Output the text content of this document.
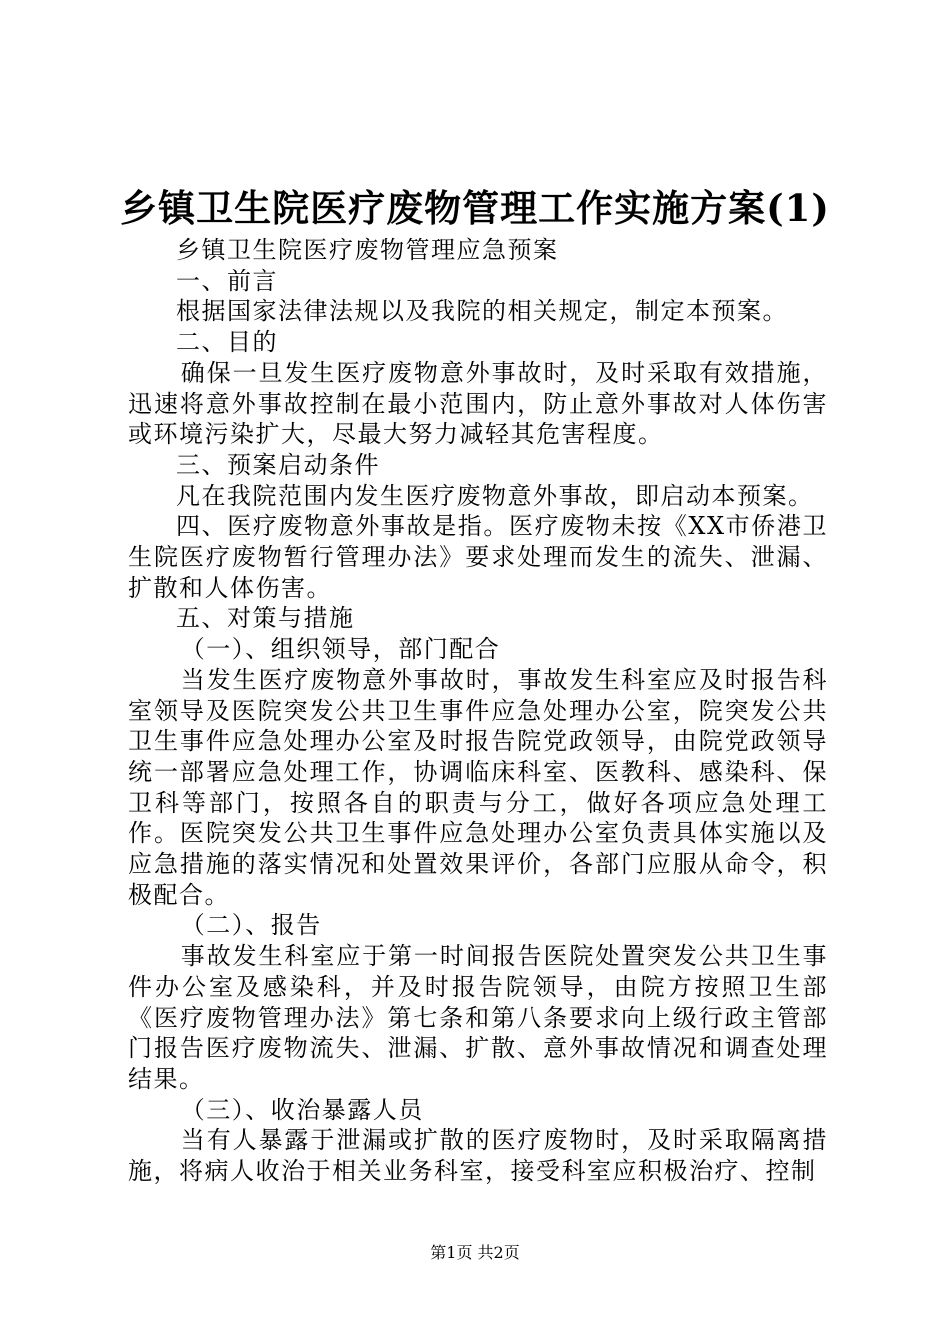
乡镇卫生院医疗废物管理工作实施方案(1)

乡镇卫生院医疗废物管理应急预案

一、前言

根据国家法律法规以及我院的相关规定，制定本预案。

二、目的

确保一旦发生医疗废物意外事故时，及时采取有效措施，迅速将意外事故控制在最小范围内，防止意外事故对人体伤害或环境污染扩大，尽最大努力减轻其危害程度。

三、预案启动条件

凡在我院范围内发生医疗废物意外事故，即启动本预案。

四、医疗废物意外事故是指。医疗废物未按《XX市侨港卫生院医疗废物暂行管理办法》要求处理而发生的流失、泄漏、扩散和人体伤害。

五、对策与措施

（一）、组织领导，部门配合

当发生医疗废物意外事故时，事故发生科室应及时报告科室领导及医院突发公共卫生事件应急处理办公室，院突发公共卫生事件应急处理办公室及时报告院党政领导，由院党政领导统一部署应急处理工作，协调临床科室、医教科、感染科、保卫科等部门，按照各自的职责与分工，做好各项应急处理工作。医院突发公共卫生事件应急处理办公室负责具体实施以及应急措施的落实情况和处置效果评价，各部门应服从命令，积极配合。

（二）、报告

事故发生科室应于第一时间报告医院处置突发公共卫生事件办公室及感染科，并及时报告院领导，由院方按照卫生部《医疗废物管理办法》第七条和第八条要求向上级行政主管部门报告医疗废物流失、泄漏、扩散、意外事故情况和调查处理结果。

（三）、收治暴露人员

当有人暴露于泄漏或扩散的医疗废物时，及时采取隔离措施，将病人收治于相关业务科室，接受科室应积极治疗、控制

第1页 共2页
